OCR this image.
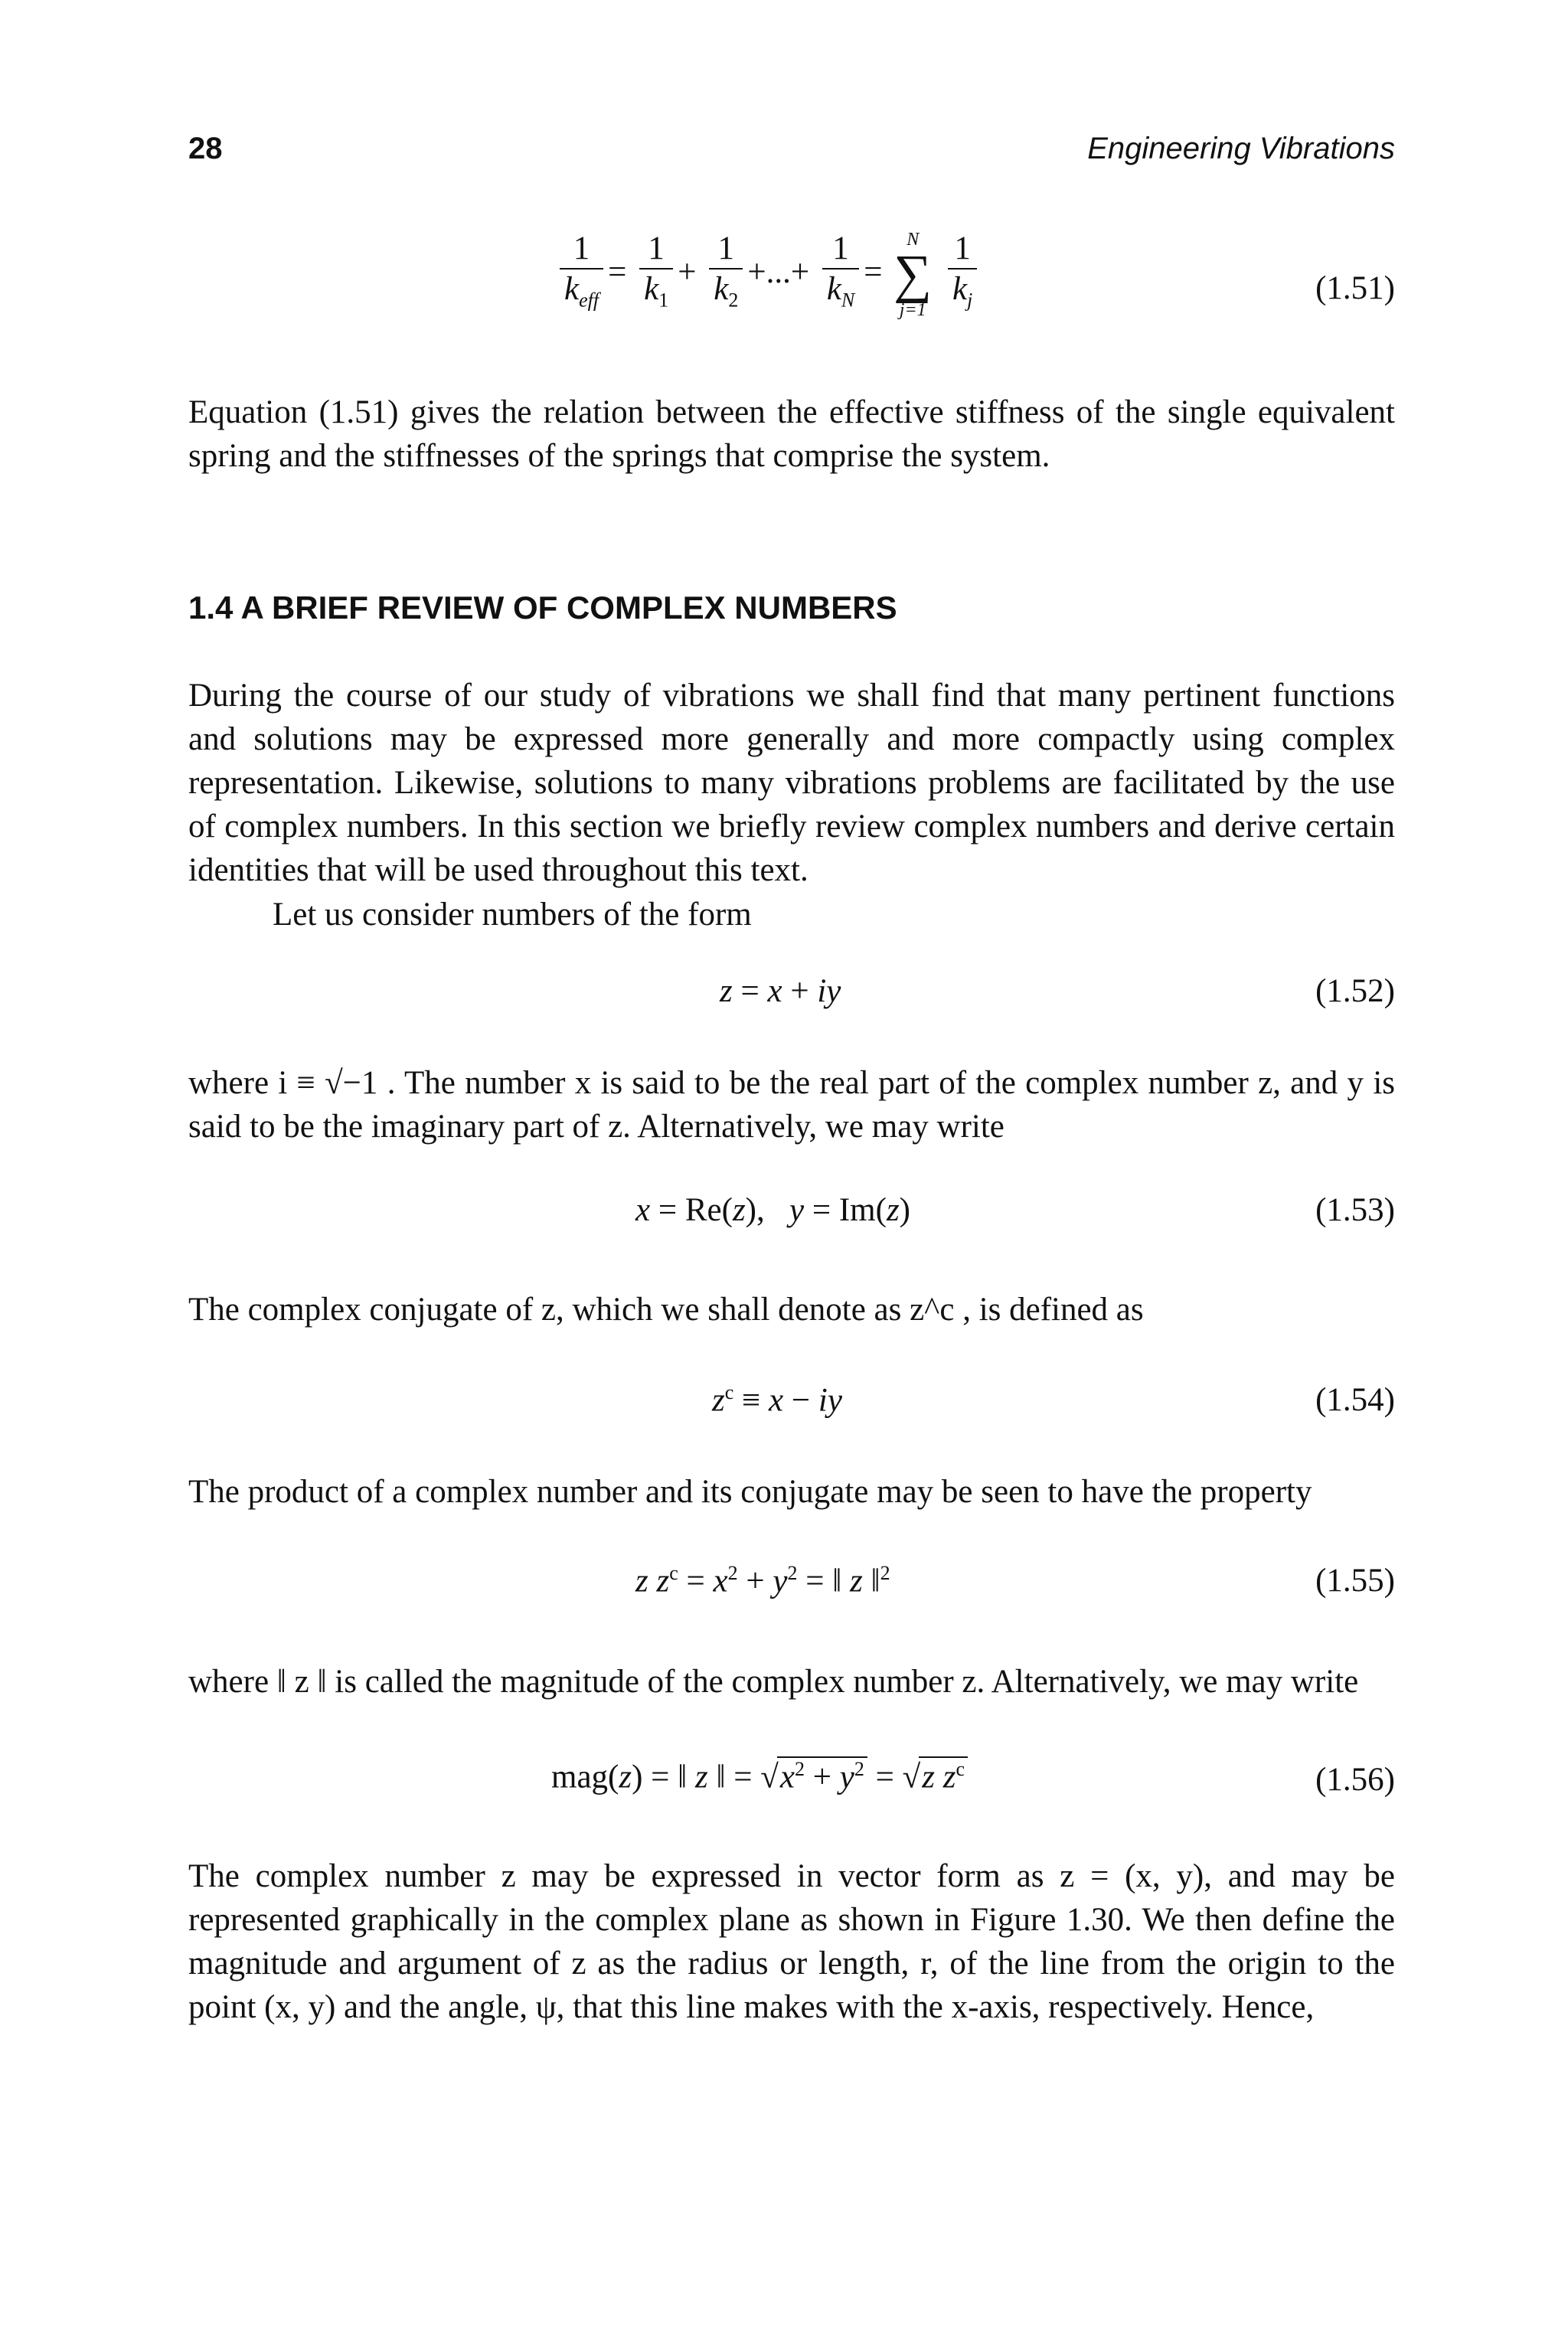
28	Engineering Vibrations
$\frac{1}{k_{eff}} = \frac{1}{k_1} + \frac{1}{k_2}$ +...+ $\frac{1}{k_N}$ =
N
∑
j=1
$\frac{1}{k_j}$	(1.51)

Equation (1.51) gives the relation between the effective stiffness of the single equivalent spring and the stiffnesses of the springs that comprise the system.

1.4 A BRIEF REVIEW OF COMPLEX NUMBERS

During the course of our study of vibrations we shall find that many pertinent functions and solutions may be expressed more generally and more compactly using complex representation. Likewise, solutions to many vibrations problems are facilitated by the use of complex numbers. In this section we briefly review complex numbers and derive certain identities that will be used throughout this text.

Let us consider numbers of the form

z = x + iy	(1.52)

where i ≡ √−1 . The number x is said to be the real part of the complex number z, and y is said to be the imaginary part of z. Alternatively, we may write

x = Re(z),   y = Im(z)	(1.53)

The complex conjugate of z, which we shall denote as z^c , is defined as

$z^c \equiv x$ − iy	(1.54)

The product of a complex number and its conjugate may be seen to have the property

z $z^c = x^2 + y^2$ = ‖ z ‖$^2$	(1.55)

where ‖ z ‖ is called the magnitude of the complex number z. Alternatively, we may write

mag(z) = ‖ z ‖ = $√x^2 + y^2 = √z$ $z^c$	(1.56)

The complex number z may be expressed in vector form as z = (x, y), and may be represented graphically in the complex plane as shown in Figure 1.30. We then define the magnitude and argument of z as the radius or length, r, of the line from the origin to the point (x, y) and the angle, ψ, that this line makes with the x-axis, respectively. Hence,
